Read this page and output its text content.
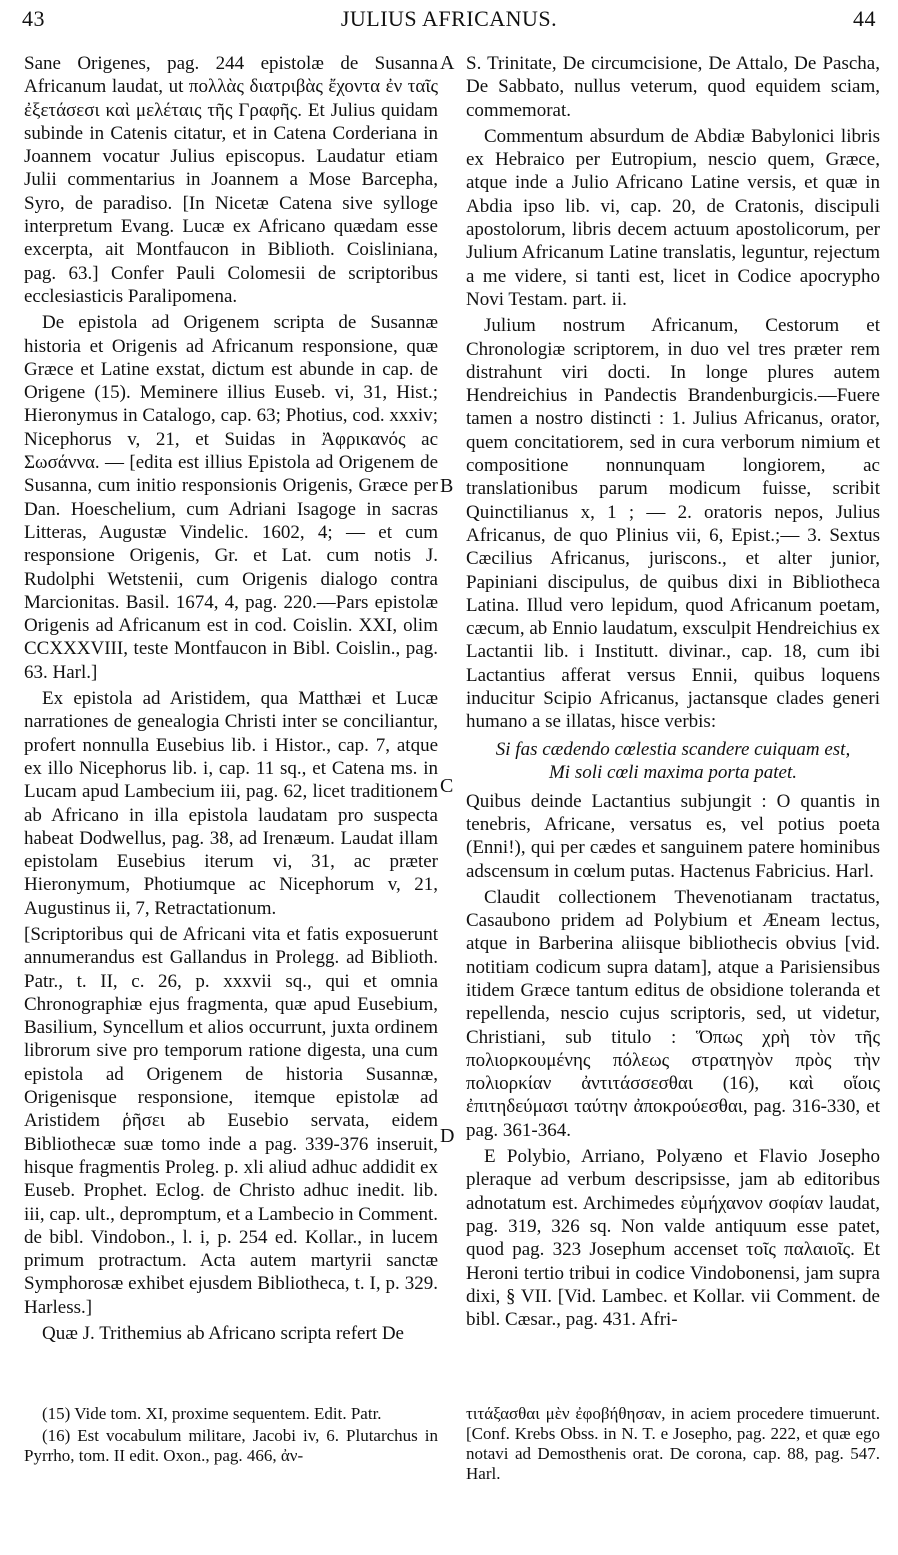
43	JULIUS AFRICANUS.	44

Sane Origenes, pag. 244 epistolæ de Susanna Africanum laudat, ut πολλὰς διατριβὰς ἔχοντα ἐν ταῖς ἐξετάσεσι καὶ μελέταις τῆς Γραφῆς. Et Julius quidam subinde in Catenis citatur, et in Catena Corderiana in Joannem vocatur Julius episcopus. Laudatur etiam Julii commentarius in Joannem a Mose Barcepha, Syro, de paradiso. [In Nicetæ Catena sive sylloge interpretum Evang. Lucæ ex Africano quædam esse excerpta, ait Montfaucon in Biblioth. Coisliniana, pag. 63.] Confer Pauli Colomesii de scriptoribus ecclesiasticis Paralipomena.

De epistola ad Origenem scripta de Susannæ historia et Origenis ad Africanum responsione, quæ Græce et Latine exstat, dictum est abunde in cap. de Origene (15). Meminere illius Euseb. vi, 31, Hist.; Hieronymus in Catalogo, cap. 63; Photius, cod. xxxiv; Nicephorus v, 21, et Suidas in Ἀφρικανός ac Σωσάννα. — [edita est illius Epistola ad Origenem de Susanna, cum initio responsionis Origenis, Græce per Dan. Hoeschelium, cum Adriani Isagoge in sacras Litteras, Augustæ Vindelic. 1602, 4; — et cum responsione Origenis, Gr. et Lat. cum notis J. Rudolphi Wetstenii, cum Origenis dialogo contra Marcionitas. Basil. 1674, 4, pag. 220.—Pars epistolæ Origenis ad Africanum est in cod. Coislin. XXI, olim CCXXXVIII, teste Montfaucon in Bibl. Coislin., pag. 63. Harl.]

Ex epistola ad Aristidem, qua Matthæi et Lucæ narrationes de genealogia Christi inter se conciliantur, profert nonnulla Eusebius lib. i Histor., cap. 7, atque ex illo Nicephorus lib. i, cap. 11 sq., et Catena ms. in Lucam apud Lambecium iii, pag. 62, licet traditionem ab Africano in illa epistola laudatam pro suspecta habeat Dodwellus, pag. 38, ad Irenæum. Laudat illam epistolam Eusebius iterum vi, 31, ac præter Hieronymum, Photiumque ac Nicephorum v, 21, Augustinus ii, 7, Retractationum.

[Scriptoribus qui de Africani vita et fatis exposuerunt annumerandus est Gallandus in Prolegg. ad Biblioth. Patr., t. II, c. 26, p. xxxvii sq., qui et omnia Chronographiæ ejus fragmenta, quæ apud Eusebium, Basilium, Syncellum et alios occurrunt, juxta ordinem librorum sive pro temporum ratione digesta, una cum epistola ad Origenem de historia Susannæ, Origenisque responsione, itemque epistolæ ad Aristidem ῥῆσει ab Eusebio servata, eidem Bibliothecæ suæ tomo inde a pag. 339-376 inseruit, hisque fragmentis Proleg. p. xli aliud adhuc addidit ex Euseb. Prophet. Eclog. de Christo adhuc inedit. lib. iii, cap. ult., depromptum, et a Lambecio in Comment. de bibl. Vindobon., l. i, p. 254 ed. Kollar., in lucem primum protractum. Acta autem martyrii sanctæ Symphorosæ exhibet ejusdem Bibliotheca, t. I, p. 329. Harless.]

Quæ J. Trithemius ab Africano scripta refert De

A
B
C
D

S. Trinitate, De circumcisione, De Attalo, De Pascha, De Sabbato, nullus veterum, quod equidem sciam, commemorat.

Commentum absurdum de Abdiæ Babylonici libris ex Hebraico per Eutropium, nescio quem, Græce, atque inde a Julio Africano Latine versis, et quæ in Abdia ipso lib. vi, cap. 20, de Cratonis, discipuli apostolorum, libris decem actuum apostolicorum, per Julium Africanum Latine translatis, leguntur, rejectum a me videre, si tanti est, licet in Codice apocrypho Novi Testam. part. ii.

Julium nostrum Africanum, Cestorum et Chronologiæ scriptorem, in duo vel tres præter rem distrahunt viri docti. In longe plures autem Hendreichius in Pandectis Brandenburgicis.—Fuere tamen a nostro distincti : 1. Julius Africanus, orator, quem concitatiorem, sed in cura verborum nimium et compositione nonnunquam longiorem, ac translationibus parum modicum fuisse, scribit Quinctilianus x, 1 ; — 2. oratoris nepos, Julius Africanus, de quo Plinius vii, 6, Epist.;— 3. Sextus Cæcilius Africanus, juriscons., et alter junior, Papiniani discipulus, de quibus dixi in Bibliotheca Latina. Illud vero lepidum, quod Africanum poetam, cæcum, ab Ennio laudatum, exsculpit Hendreichius ex Lactantii lib. i Institutt. divinar., cap. 18, cum ibi Lactantius afferat versus Ennii, quibus loquens inducitur Scipio Africanus, jactansque clades generi humano a se illatas, hisce verbis:

Si fas cædendo cœlestia scandere cuiquam est,
Mi soli cœli maxima porta patet.

Quibus deinde Lactantius subjungit : O quantis in tenebris, Africane, versatus es, vel potius poeta (Enni!), qui per cædes et sanguinem patere hominibus adscensum in cœlum putas. Hactenus Fabricius. Harl.

Claudit collectionem Thevenotianam tractatus, Casaubono pridem ad Polybium et Æneam lectus, atque in Barberina aliisque bibliothecis obvius [vid. notitiam codicum supra datam], atque a Parisiensibus itidem Græce tantum editus de obsidione toleranda et repellenda, nescio cujus scriptoris, sed, ut videtur, Christiani, sub titulo : Ὅπως χρὴ τὸν τῆς πολιορκουμένης πόλεως στρατηγὸν πρὸς τὴν πολιορκίαν ἀντιτάσσεσθαι (16), καὶ οἵοις ἐπιτηδεύμασι ταύτην ἀποκρούεσθαι, pag. 316-330, et pag. 361-364.

E Polybio, Arriano, Polyæno et Flavio Josepho pleraque ad verbum descripsisse, jam ab editoribus adnotatum est. Archimedes εὐμήχανον σοφίαν laudat, pag. 319, 326 sq. Non valde antiquum esse patet, quod pag. 323 Josephum accenset τοῖς παλαιοῖς. Et Heroni tertio tribui in codice Vindobonensi, jam supra dixi, § VII. [Vid. Lambec. et Kollar. vii Comment. de bibl. Cæsar., pag. 431. Afri-

(15) Vide tom. XI, proxime sequentem. Edit. Patr.

(16) Est vocabulum militare, Jacobi iv, 6. Plutarchus in Pyrrho, tom. II edit. Oxon., pag. 466, ἀν-

τιτάξασθαι μὲν ἐφοβήθησαν, in aciem procedere timuerunt. [Conf. Krebs Obss. in N. T. e Josepho, pag. 222, et quæ ego notavi ad Demosthenis orat. De corona, cap. 88, pag. 547. Harl.
